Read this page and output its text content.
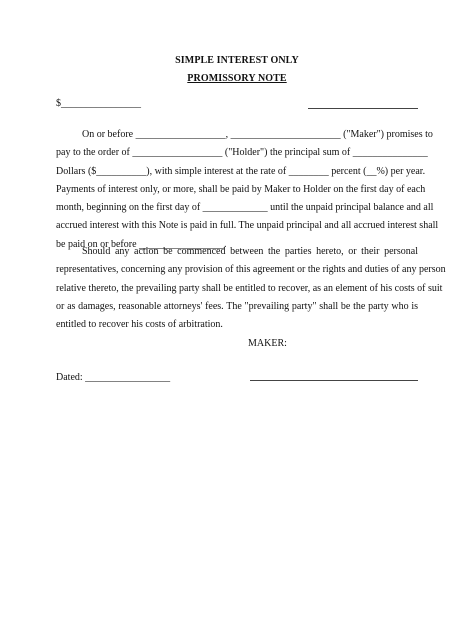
SIMPLE INTEREST ONLY
PROMISSORY NOTE
$________________
On or before __________________, ______________________ ("Maker") promises to
pay to the order of __________________ ("Holder") the principal sum of _______________
Dollars ($__________), with simple interest at the rate of ________ percent (__%) per year.
Payments of interest only, or more, shall be paid by Maker to Holder on the first day of each
month, beginning on the first day of _____________ until the unpaid principal balance and all
accrued interest with this Note is paid in full. The unpaid principal and all accrued interest shall
be paid on or before _________________.
Should any action be commenced between the parties hereto, or their personal
representatives, concerning any provision of this agreement or the rights and duties of any person
relative thereto, the prevailing party shall be entitled to recover, as an element of his costs of suit
or as damages, reasonable attorneys' fees. The "prevailing party" shall be the party who is
entitled to recover his costs of arbitration.
MAKER:
Dated: _________________
